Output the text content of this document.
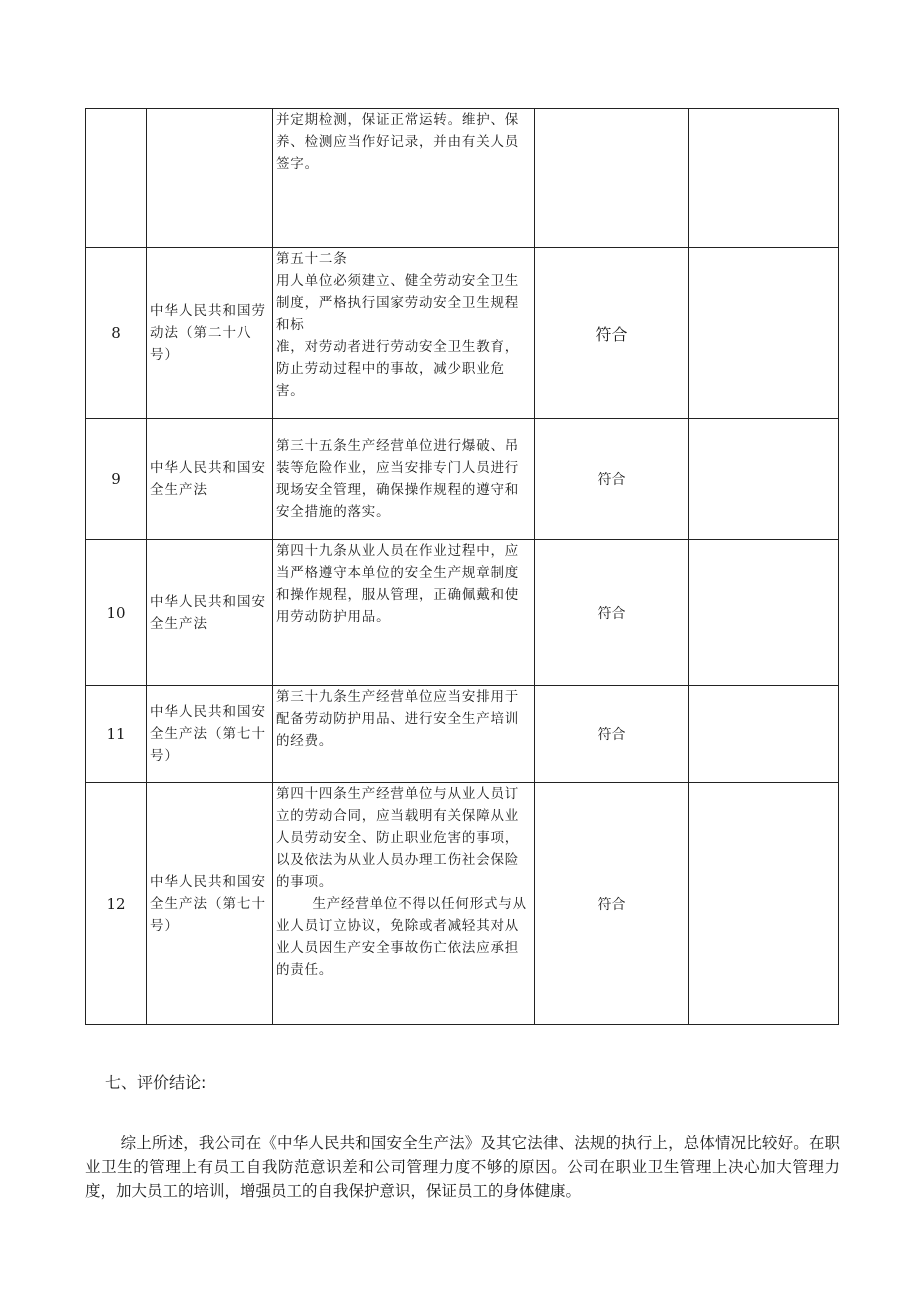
		并定期检测，保证正常运转。维护、保养、检测应当作好记录，并由有关人员签字。		
8	中华人民共和国劳动法（第二十八号）	第五十二条
用人单位必须建立、健全劳动安全卫生制度，严格执行国家劳动安全卫生规程和标
准，对劳动者进行劳动安全卫生教育，防止劳动过程中的事故，减少职业危害。	符合	
9	中华人民共和国安全生产法	第三十五条生产经营单位进行爆破、吊装等危险作业，应当安排专门人员进行现场安全管理，确保操作规程的遵守和安全措施的落实。	符合	
10	中华人民共和国安全生产法	第四十九条从业人员在作业过程中，应当严格遵守本单位的安全生产规章制度和操作规程，服从管理，正确佩戴和使用劳动防护用品。	符合	
11	中华人民共和国安全生产法（第七十号）	第三十九条生产经营单位应当安排用于配备劳动防护用品、进行安全生产培训的经费。	符合	
12	中华人民共和国安全生产法（第七十号）	第四十四条生产经营单位与从业人员订立的劳动合同，应当载明有关保障从业人员劳动安全、防止职业危害的事项，以及依法为从业人员办理工伤社会保险的事项。
生产经营单位不得以任何形式与从业人员订立协议，免除或者减轻其对从业人员因生产安全事故伤亡依法应承担的责任。	符合	
七、评价结论:

综上所述，我公司在《中华人民共和国安全生产法》及其它法律、法规的执行上，总体情况比较好。在职业卫生的管理上有员工自我防范意识差和公司管理力度不够的原因。公司在职业卫生管理上决心加大管理力度，加大员工的培训，增强员工的自我保护意识，保证员工的身体健康。
